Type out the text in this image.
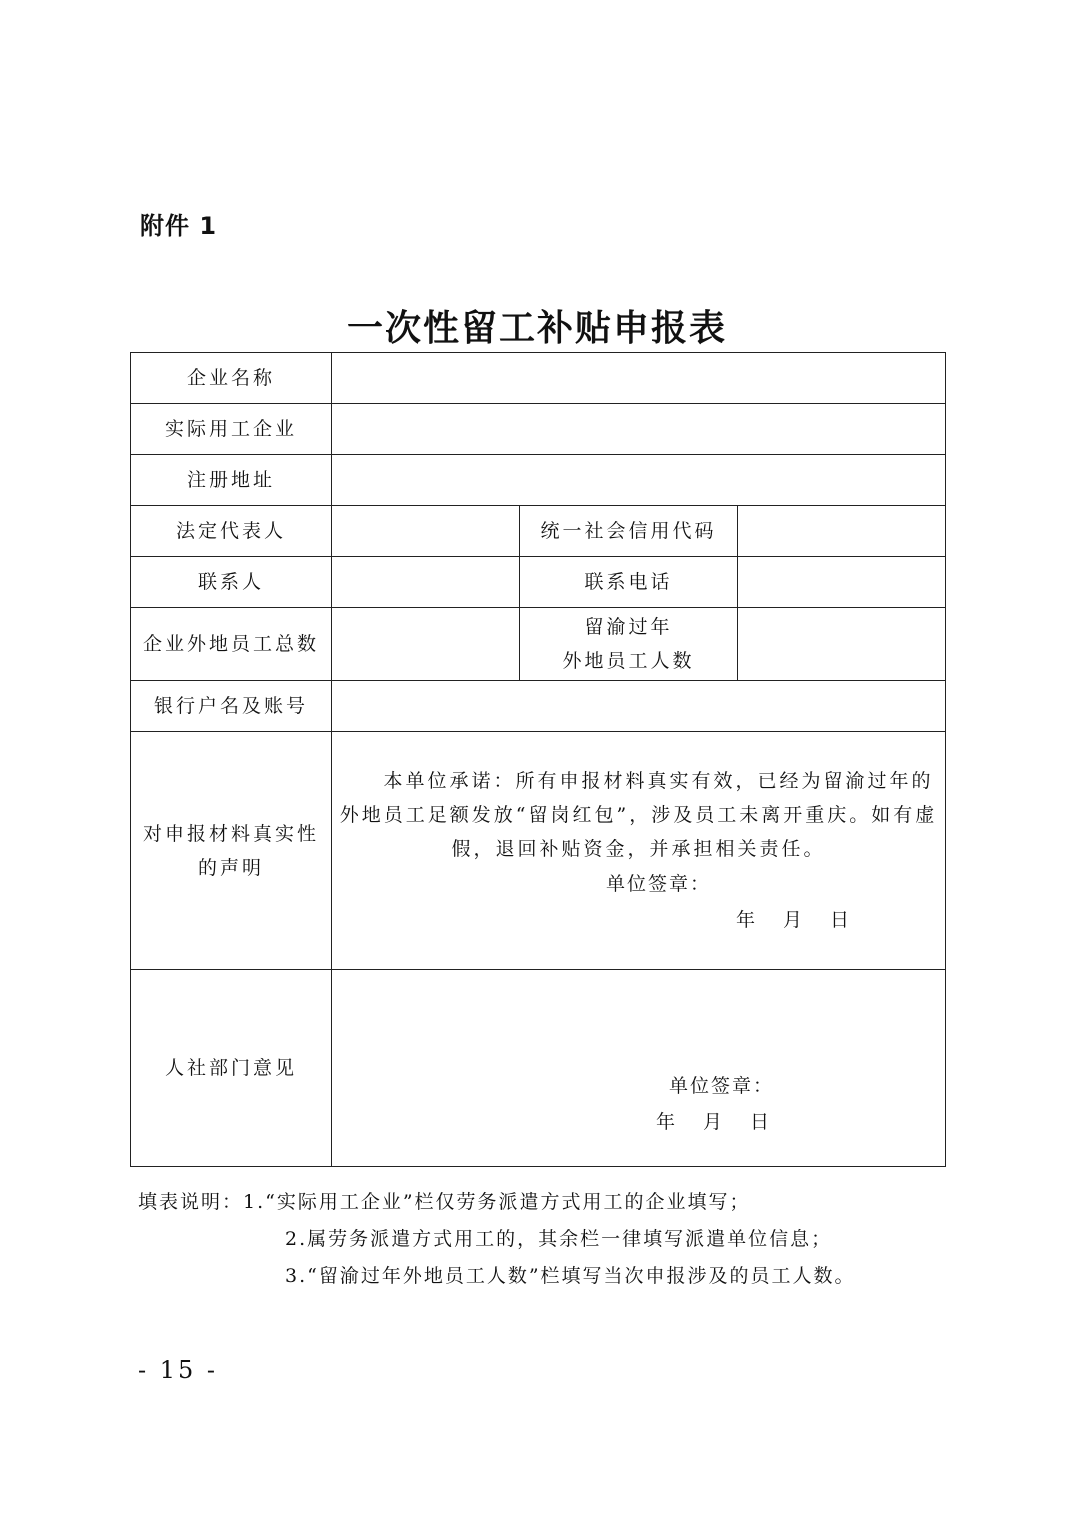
附件 1
一次性留工补贴申报表
企业名称			
实际用工企业			
注册地址			
法定代表人		统一社会信用代码	
联系人		联系电话	
企业外地员工总数		留渝过年
外地员工人数	

银行户名及账号			
对申报材料真实性的声明	本单位承诺：所有申报材料真实有效，已经为留渝过年的外地员工足额发放“留岗红包”，涉及员工未离开重庆。如有虚假，退回补贴资金，并承担相关责任。
单位签章：
年 月 日		

人社部门意见	单位签章：
年 月 日		
填表说明：1.“实际用工企业”栏仅劳务派遣方式用工的企业填写；
2.属劳务派遣方式用工的，其余栏一律填写派遣单位信息；
3.“留渝过年外地员工人数”栏填写当次申报涉及的员工人数。
- 15 -
